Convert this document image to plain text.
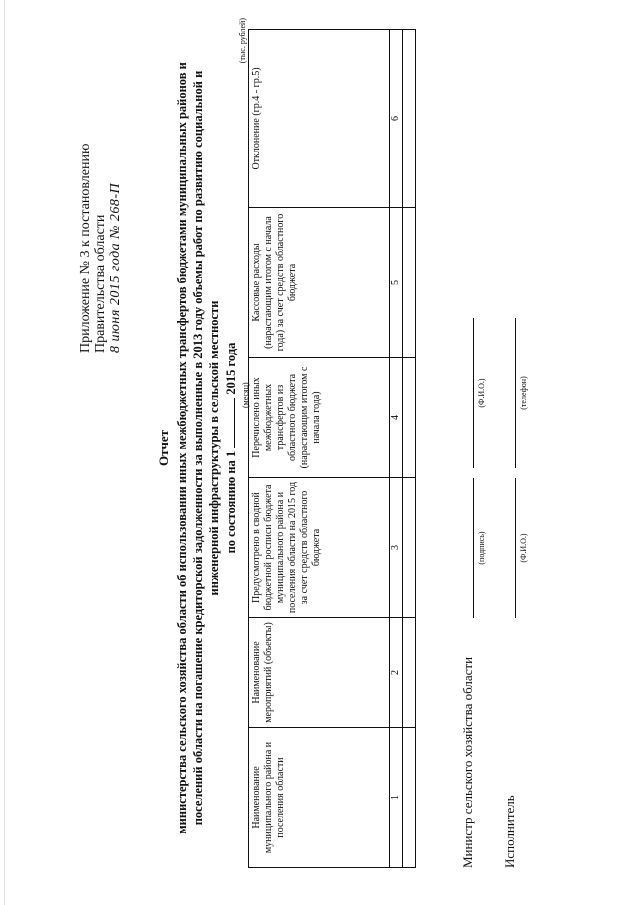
Приложение № 3 к постановлению Правительства области 8 июня 2015 года № 268-П
Отчет министерства сельского хозяйства области об использовании иных межбюджетных трансфертов бюджетами муниципальных районов и поселений области на погашение кредиторской задолженности за выполненные в 2013 году объемы работ по развитию социальной и инженерной инфраструктуры в сельской местности по состоянию на 1  2015 года
(месяц)
(тыс. рублей)
Наименование муниципального района и поселения области	Наименование мероприятий (объекты)	Предусмотрено в сводной бюджетной росписи бюджета муниципального района и поселения области на 2015 год за счет средств областного бюджета	Перечислено иных межбюджетных трансфертов из областного бюджета (нарастающим итогом с начала года)	Кассовые расходы (нарастающим итогом с начала года) за счет средств областного бюджета	Отклонение (гр.4 - гр.5)
1	2	3	4	5	6

Министр сельского хозяйства области
(подпись)
(Ф.И.О.)
Исполнитель
(Ф.И.О.)
(телефон)
